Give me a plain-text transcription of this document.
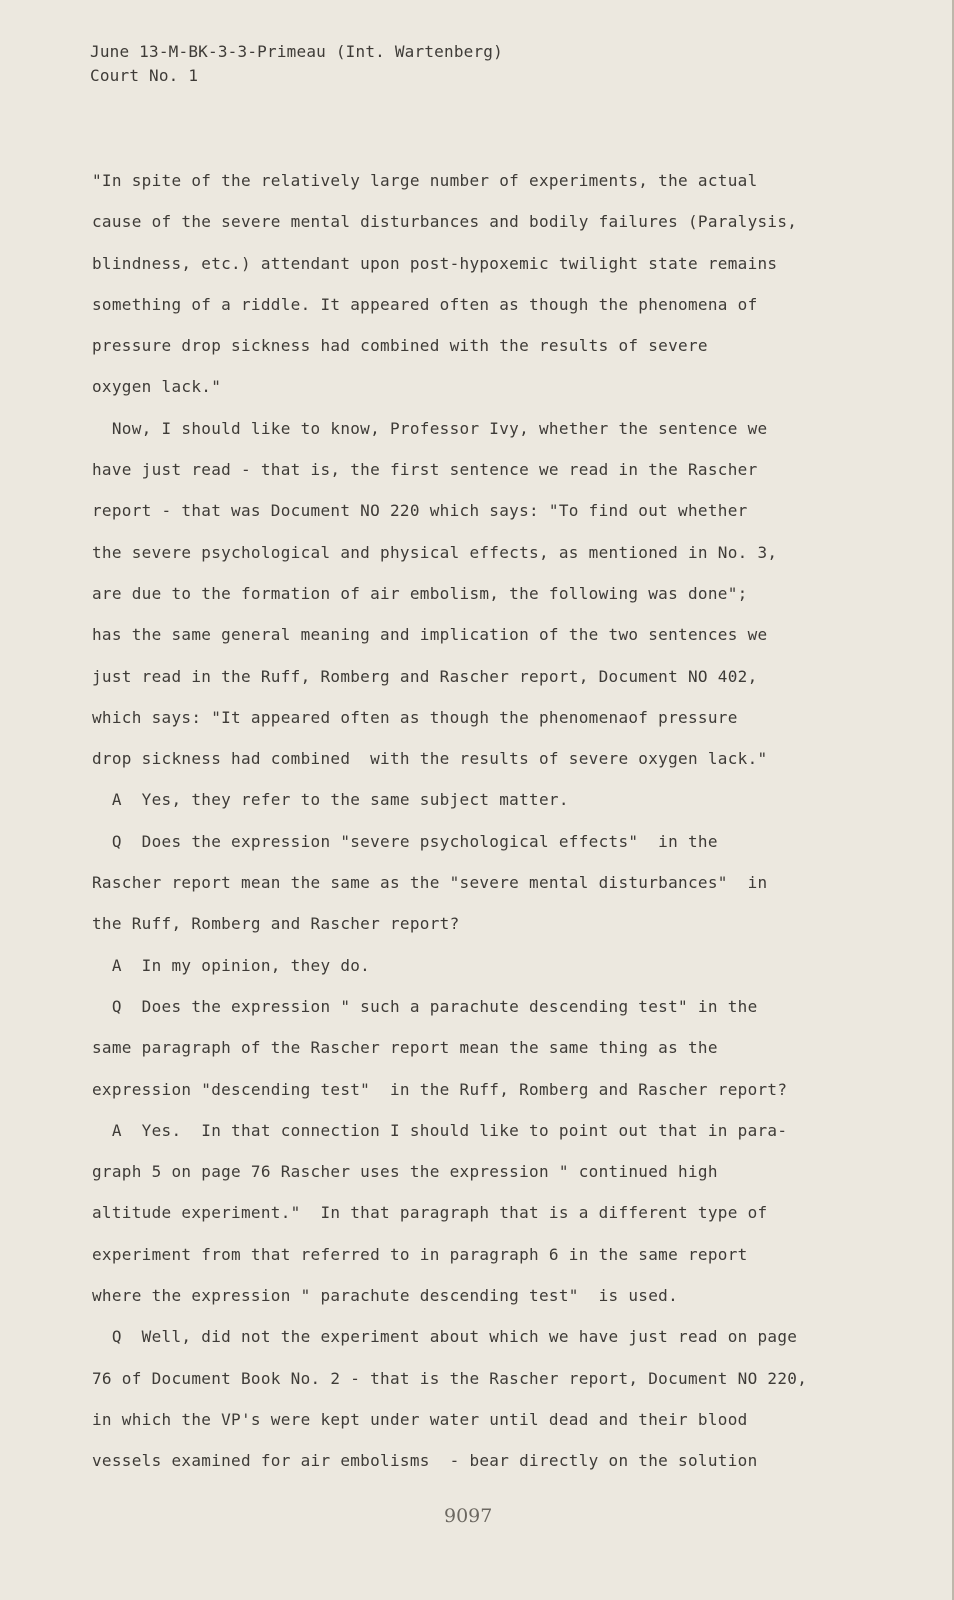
June 13-M-BK-3-3-Primeau (Int. Wartenberg)
Court No. 1
"In spite of the relatively large number of experiments, the actual
cause of the severe mental disturbances and bodily failures (Paralysis,
blindness, etc.) attendant upon post-hypoxemic twilight state remains
something of a riddle. It appeared often as though the phenomena of
pressure drop sickness had combined with the results of severe
oxygen lack."
Now, I should like to know, Professor Ivy, whether the sentence we
have just read - that is, the first sentence we read in the Rascher
report - that was Document NO 220 which says: "To find out whether
the severe psychological and physical effects, as mentioned in No. 3,
are due to the formation of air embolism, the following was done";
has the same general meaning and implication of the two sentences we
just read in the Ruff, Romberg and Rascher report, Document NO 402,
which says: "It appeared often as though the phenomenaof pressure
drop sickness had combined  with the results of severe oxygen lack."
A  Yes, they refer to the same subject matter.
Q  Does the expression "severe psychological effects"  in the
Rascher report mean the same as the "severe mental disturbances"  in
the Ruff, Romberg and Rascher report?
A  In my opinion, they do.
Q  Does the expression " such a parachute descending test" in the
same paragraph of the Rascher report mean the same thing as the
expression "descending test"  in the Ruff, Romberg and Rascher report?
A  Yes.  In that connection I should like to point out that in para-
graph 5 on page 76 Rascher uses the expression " continued high
altitude experiment."  In that paragraph that is a different type of
experiment from that referred to in paragraph 6 in the same report
where the expression " parachute descending test"  is used.
Q  Well, did not the experiment about which we have just read on page
76 of Document Book No. 2 - that is the Rascher report, Document NO 220,
in which the VP's were kept under water until dead and their blood
vessels examined for air embolisms  - bear directly on the solution
9097
